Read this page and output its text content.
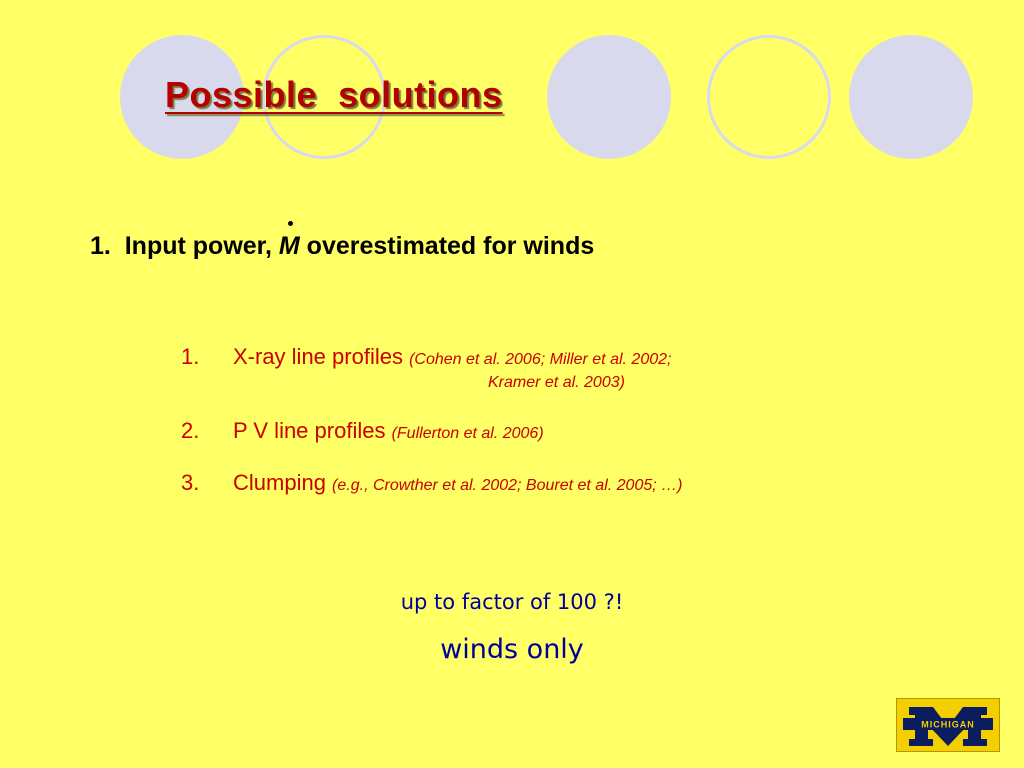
Possible  solutions
1.  Input power, M overestimated for winds
1. X-ray line profiles (Cohen et al. 2006; Miller et al. 2002;
Kramer et al. 2003)
2. P V line profiles (Fullerton et al. 2006)
3. Clumping (e.g., Crowther et al. 2002; Bouret et al. 2005; …)
up to factor of 100 ?!
winds only
MICHIGAN
